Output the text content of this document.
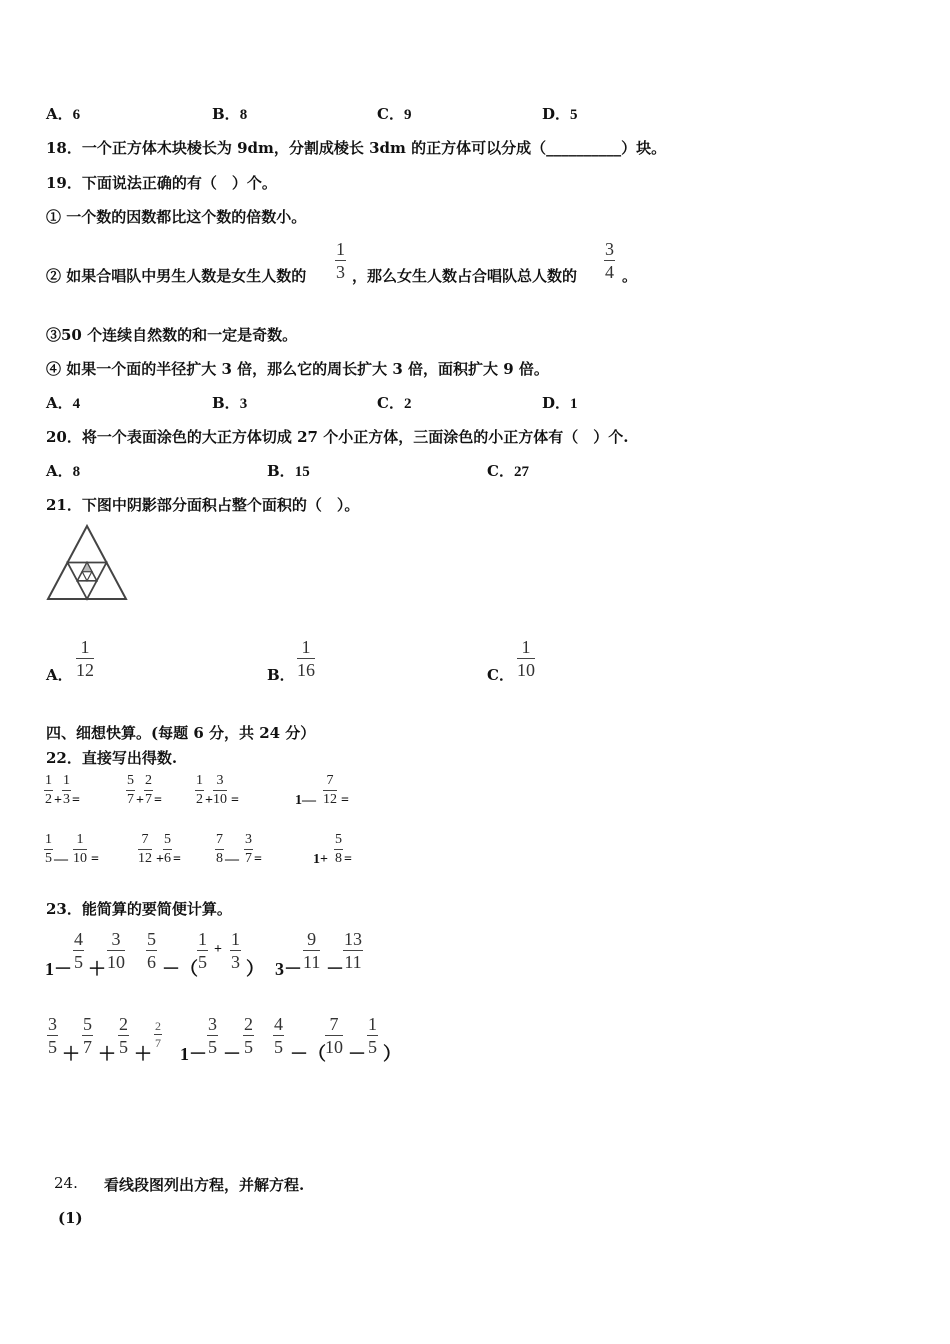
A．6	B．8	C．9	D．5
18．一个正方体木块棱长为 9dm，分割成棱长 3dm 的正方体可以分成（__________）块。
19．下面说法正确的有（　）个。
① 一个数的因数都比这个数的倍数小。
② 如果合唱队中男生人数是女生人数的
1
3 ，那么女生人数占合唱队总人数的
3
4 。
③50 个连续自然数的和一定是奇数。
④ 如果一个面的半径扩大 3 倍，那么它的周长扩大 3 倍，面积扩大 9 倍。
A．4	B．3	C．2	D．1
20．将一个表面涂色的大正方体切成 27 个小正方体，三面涂色的小正方体有（　）个.
A．8	B．15	C．27
21．下图中阴影部分面积占整个面积的（　）。
A．
1
12	B．
1
16	C．
1
10
四、细想快算。(每题 6 分，共 24 分）
22．直接写出得数.
1
2 +
1
3 =
5
7 +
2
7 =
1
2 +
3
10 =	1—
7
12 =
1
5 —
1
10 =
7
12 +
5
6 =
7
8 —
3
7 =	1+
5
8 =
23．能简算的要简便计算。
1－
4
5 ＋
3
10
5
6 －（
1
5
+
1
3 ） 3－
9
11 －
13
11
3
5 ＋
5
7 ＋
2
5 ＋
2
7
1－
3
5 －
2
5
4
5 －（
7
10 －
1
5 ）
24. 看线段图列出方程，并解方程.
(1)
